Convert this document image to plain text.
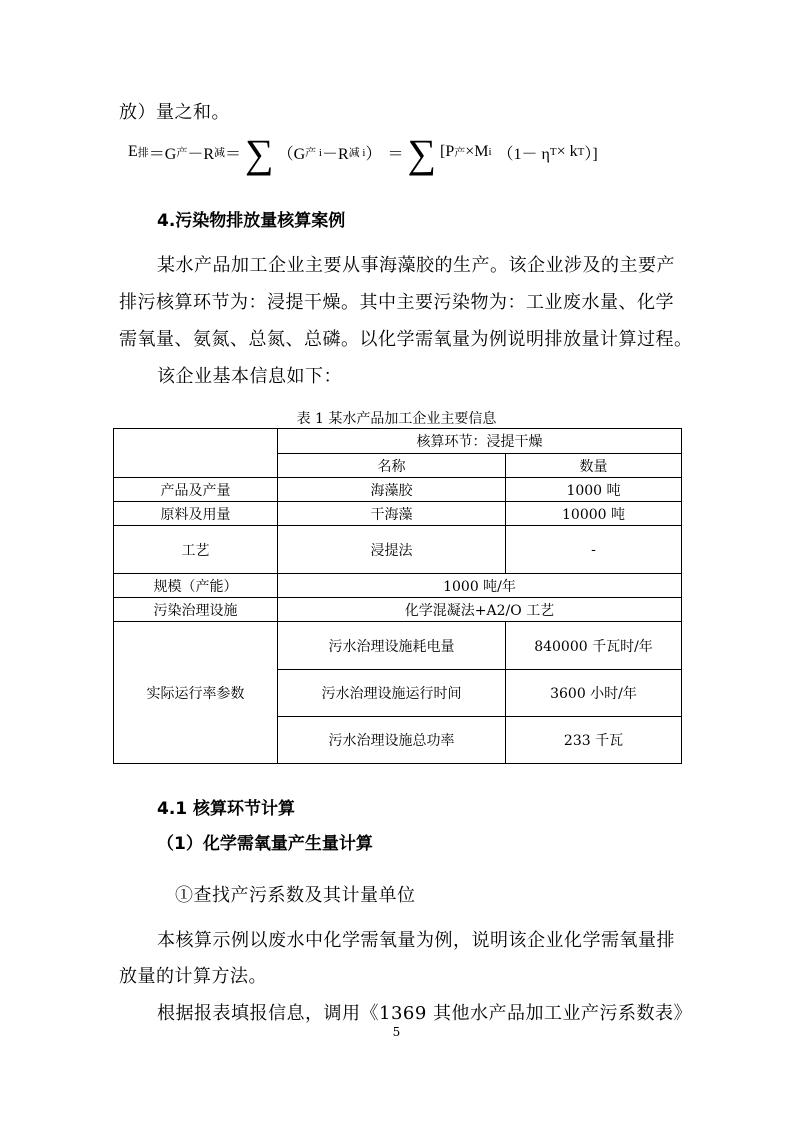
放）量之和。
E 排 ＝G 产 －R 减 ＝ ∑ （G 产 i －R 减 i ） ＝ ∑ [P 产 ×M i （1－ η T × k T ）]
4.污染物排放量核算案例
某水产品加工企业主要从事海藻胶的生产。该企业涉及的主要产
排污核算环节为：浸提干燥。其中主要污染物为：工业废水量、化学
需氧量、氨氮、总氮、总磷。以化学需氧量为例说明排放量计算过程。
该企业基本信息如下：
表 1 某水产品加工企业主要信息
	核算环节：浸提干燥	
	名称	数量
产品及产量	海藻胶	1000 吨
原料及用量	干海藻	10000 吨
工艺	浸提法	-
规模（产能）	1000 吨/年	
污染治理设施	化学混凝法+A2/O 工艺	
实际运行率参数	污水治理设施耗电量	840000 千瓦时/年
	污水治理设施运行时间	3600 小时/年
	污水治理设施总功率	233 千瓦
4.1 核算环节计算
（1）化学需氧量产生量计算
①查找产污系数及其计量单位
本核算示例以废水中化学需氧量为例，说明该企业化学需氧量排
放量的计算方法。
根据报表填报信息，调用《1369 其他水产品加工业产污系数表》
5
